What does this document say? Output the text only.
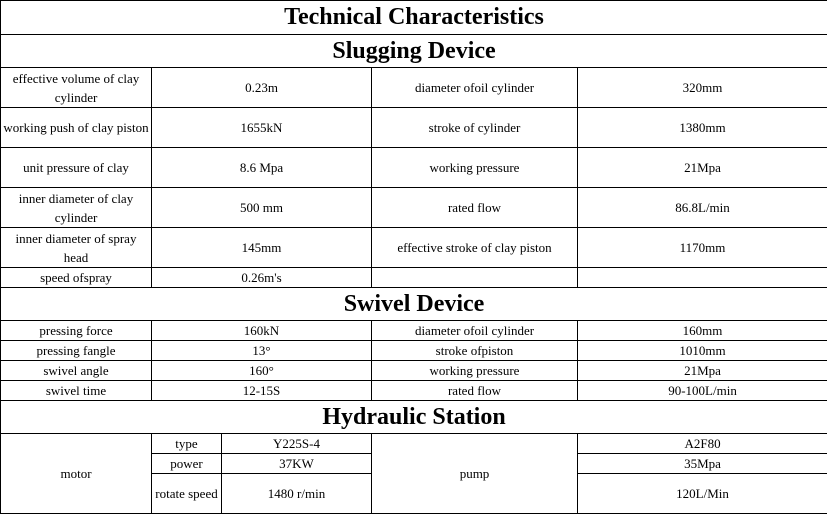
Technical Characteristics				
Slugging Device				
effective volume of clay cylinder	0.23m		diameter ofoil cylinder	320mm
working push of clay piston	1655kN		stroke of cylinder	1380mm
unit pressure of clay	8.6 Mpa		working pressure	21Mpa
inner diameter of clay cylinder	500 mm		rated flow	86.8L/min
inner diameter of spray head	145mm		effective stroke of clay piston	1170mm
speed ofspray	0.26m's			
Swivel Device				
pressing force	160kN		diameter ofoil cylinder	160mm
pressing fangle	13°		stroke ofpiston	1010mm
swivel angle	160°		working pressure	21Mpa
swivel time	12-15S		rated flow	90-100L/min
Hydraulic Station				
motor	type	Y225S-4	pump	A2F80
	power	37KW		35Mpa
	rotate speed	1480 r/min		120L/Min
